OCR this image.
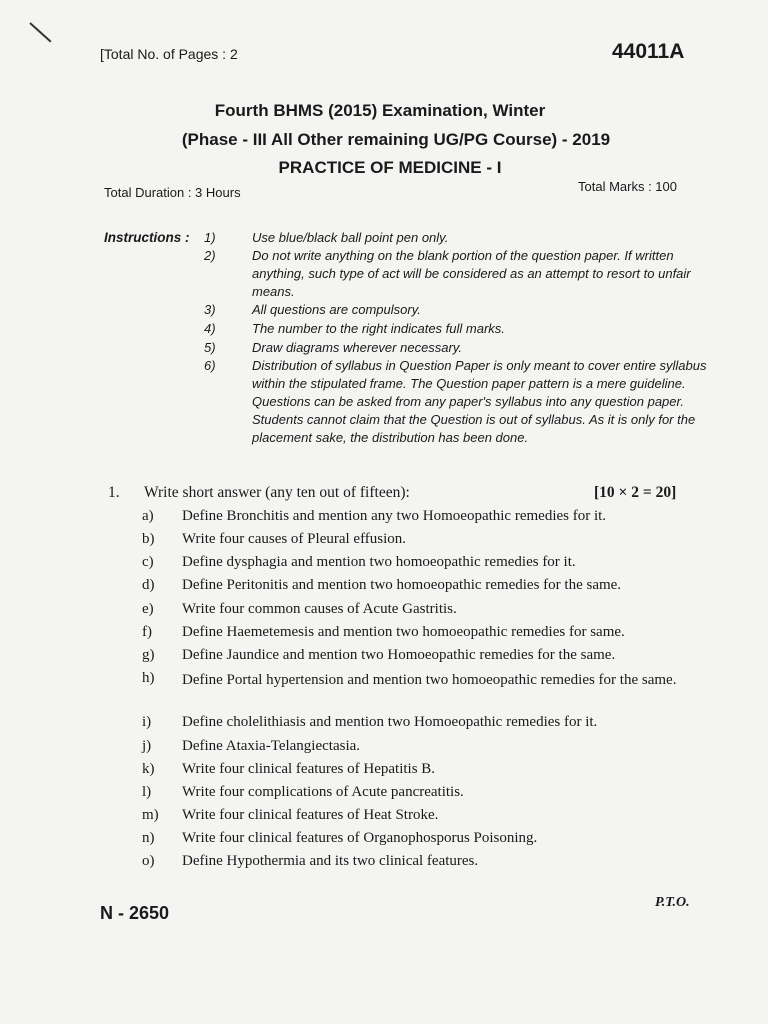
[Total No. of Pages : 2	44011A
Fourth BHMS (2015) Examination, Winter
(Phase - III All Other remaining UG/PG Course) - 2019
PRACTICE OF MEDICINE - I
Total Duration : 3 Hours	Total Marks : 100
Instructions : 1)	Use blue/black ball point pen only.
2)	Do not write anything on the blank portion of the question paper. If written anything, such type of act will be considered as an attempt to resort to unfair means.
3)	All questions are compulsory.
4)	The number to the right indicates full marks.
5)	Draw diagrams wherever necessary.
6)	Distribution of syllabus in Question Paper is only meant to cover entire syllabus within the stipulated frame. The Question paper pattern is a mere guideline. Questions can be asked from any paper's syllabus into any question paper. Students cannot claim that the Question is out of syllabus. As it is only for the placement sake, the distribution has been done.
1. Write short answer (any ten out of fifteen):	[10 × 2 = 20]
a) Define Bronchitis and mention any two Homoeopathic remedies for it.
b) Write four causes of Pleural effusion.
c) Define dysphagia and mention two homoeopathic remedies for it.
d) Define Peritonitis and mention two homoeopathic remedies for the same.
e) Write four common causes of Acute Gastritis.
f) Define Haemetemesis and mention two homoeopathic remedies for same.
g) Define Jaundice and mention two Homoeopathic remedies for the same.
h) Define Portal hypertension and mention two homoeopathic remedies for the same.
i) Define cholelithiasis and mention two Homoeopathic remedies for it.
j) Define Ataxia-Telangiectasia.
k) Write four clinical features of Hepatitis B.
l) Write four complications of Acute pancreatitis.
m) Write four clinical features of Heat Stroke.
n) Write four clinical features of Organophosporus Poisoning.
o) Define Hypothermia and its two clinical features.
N - 2650
P.T.O.
